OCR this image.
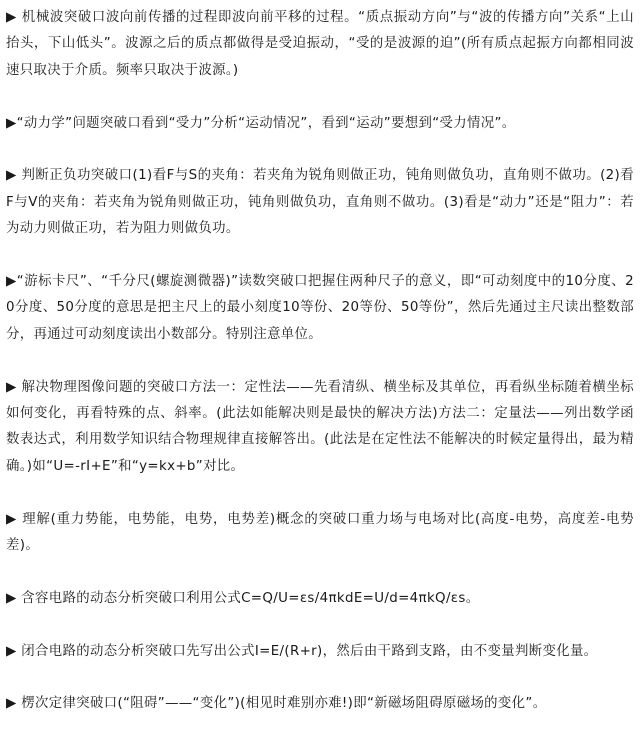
▶ 机械波突破口波向前传播的过程即波向前平移的过程。“质点振动方向”与“波的传播方向”关系“上山抬头，下山低头”。波源之后的质点都做得是受迫振动，“受的是波源的迫”(所有质点起振方向都相同波速只取决于介质。频率只取决于波源。)

▶“动力学”问题突破口看到“受力”分析“运动情况”，看到“运动”要想到“受力情况”。

▶ 判断正负功突破口(1)看F与S的夹角：若夹角为锐角则做正功，钝角则做负功，直角则不做功。(2)看F与V的夹角：若夹角为锐角则做正功，钝角则做负功，直角则不做功。(3)看是“动力”还是“阻力”：若为动力则做正功，若为阻力则做负功。

▶“游标卡尺”、“千分尺(螺旋测微器)”读数突破口把握住两种尺子的意义，即“可动刻度中的10分度、20分度、50分度的意思是把主尺上的最小刻度10等份、20等份、50等份”，然后先通过主尺读出整数部分，再通过可动刻度读出小数部分。特别注意单位。

▶ 解决物理图像问题的突破口方法一：定性法——先看清纵、横坐标及其单位，再看纵坐标随着横坐标如何变化，再看特殊的点、斜率。(此法如能解决则是最快的解决方法)方法二：定量法——列出数学函数表达式，利用数学知识结合物理规律直接解答出。(此法是在定性法不能解决的时候定量得出，最为精确。)如“U=-rI+E”和“y=kx+b”对比。

▶ 理解(重力势能，电势能，电势，电势差)概念的突破口重力场与电场对比(高度-电势，高度差-电势差)。

▶ 含容电路的动态分析突破口利用公式C=Q/U=εs/4πkdE=U/d=4πkQ/εs。

▶ 闭合电路的动态分析突破口先写出公式I=E/(R+r)，然后由干路到支路，由不变量判断变化量。

▶ 楞次定律突破口(“阻碍”——“变化”)(相见时难别亦难!)即“新磁场阻碍原磁场的变化”。
